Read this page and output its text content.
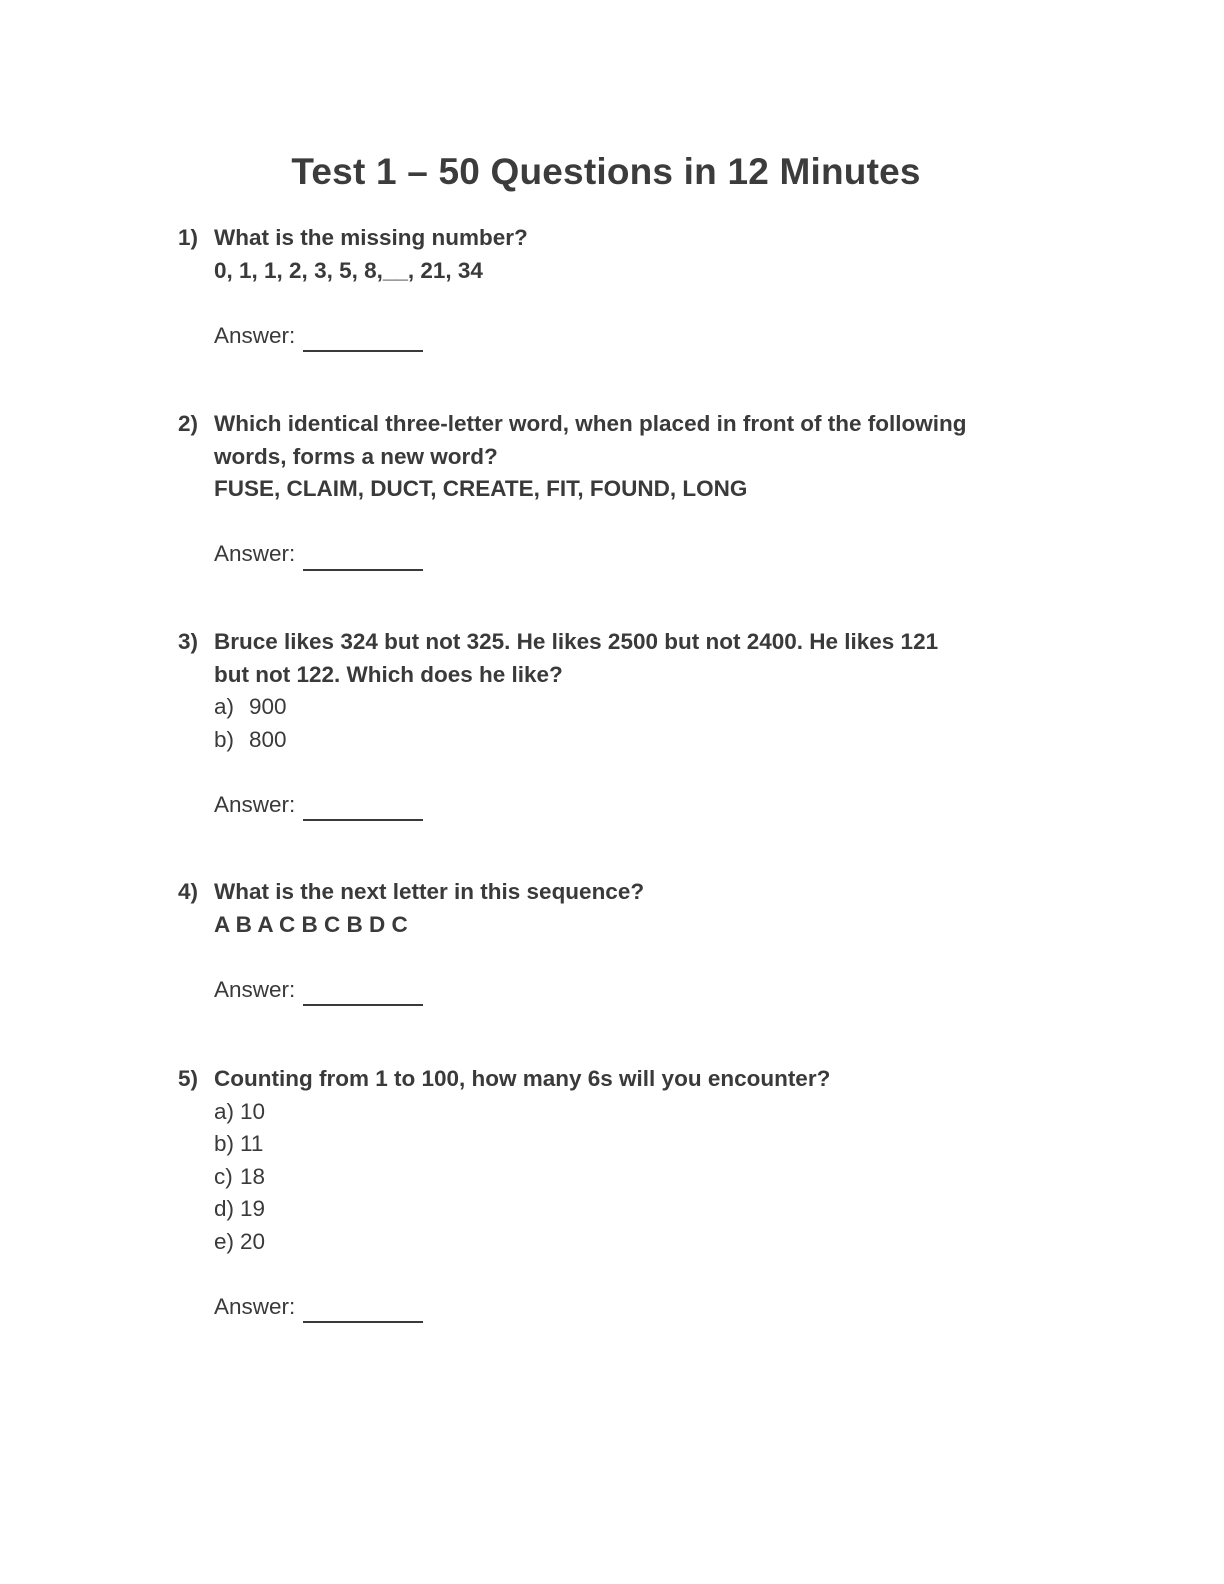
Test 1 – 50 Questions in 12 Minutes
1) What is the missing number?
0, 1, 1, 2, 3, 5, 8,__, 21, 34
Answer:
2) Which identical three-letter word, when placed in front of the following
words, forms a new word?
FUSE, CLAIM, DUCT, CREATE, FIT, FOUND, LONG
Answer:
3) Bruce likes 324 but not 325. He likes 2500 but not 2400. He likes 121
but not 122. Which does he like?
a) 900
b) 800
Answer:
4) What is the next letter in this sequence?
A B A C B C B D C
Answer:
5) Counting from 1 to 100, how many 6s will you encounter?
a) 10
b) 11
c) 18
d) 19
e) 20
Answer:
